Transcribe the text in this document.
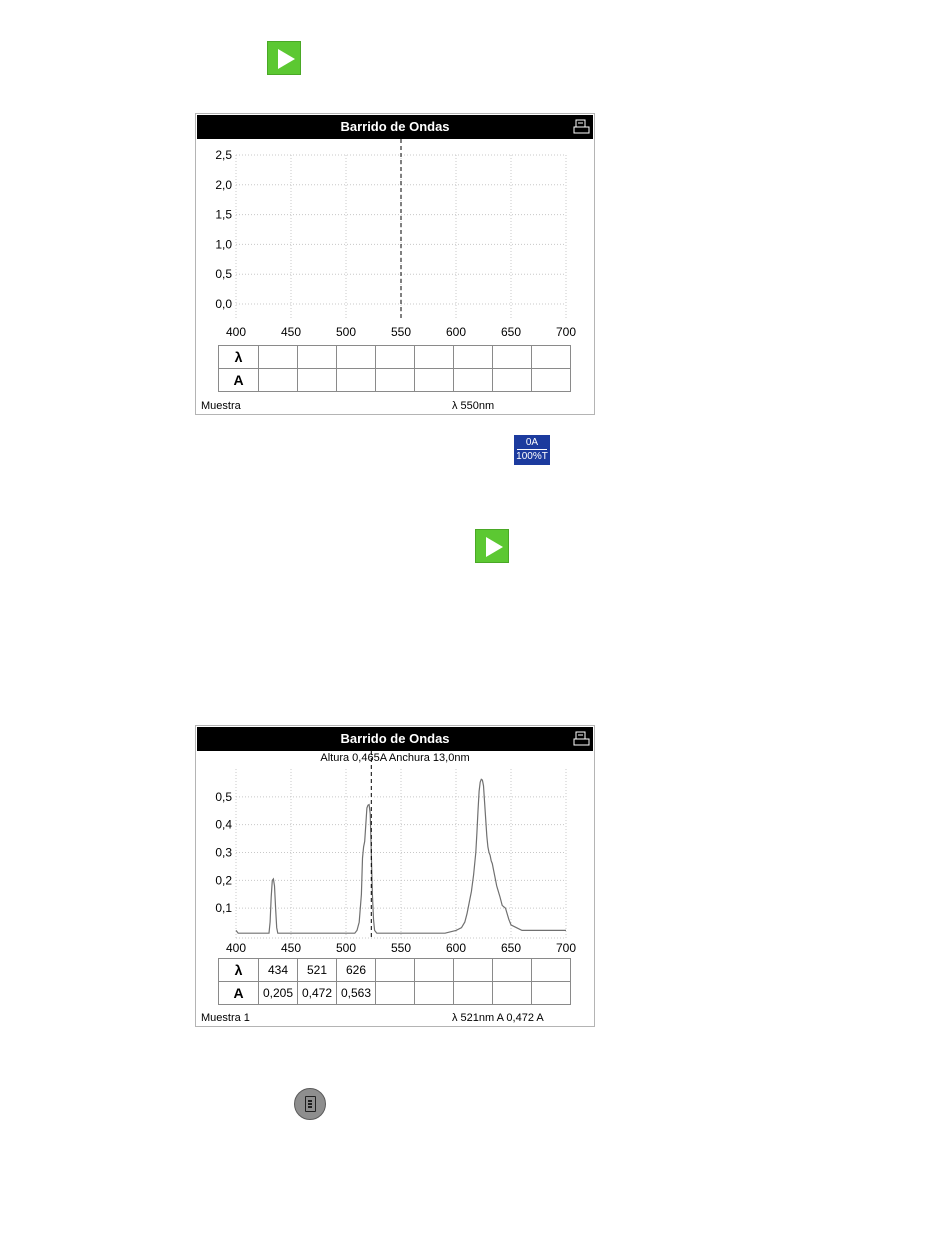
Barrido de Ondas
400	450	500	550	600	650	700
0,0
0,5
1,0
1,5
2,0
2,5
λ								
A								
Muestra	λ 550nm
0A
100%T
Barrido de Ondas
Altura 0,465A Anchura 13,0nm
400	450	500	550	600	650	700
0,1
0,2
0,3
0,4
0,5
λ	434	521	626					
A	0,205	0,472	0,563					
Muestra 1	λ 521nm A 0,472 A
